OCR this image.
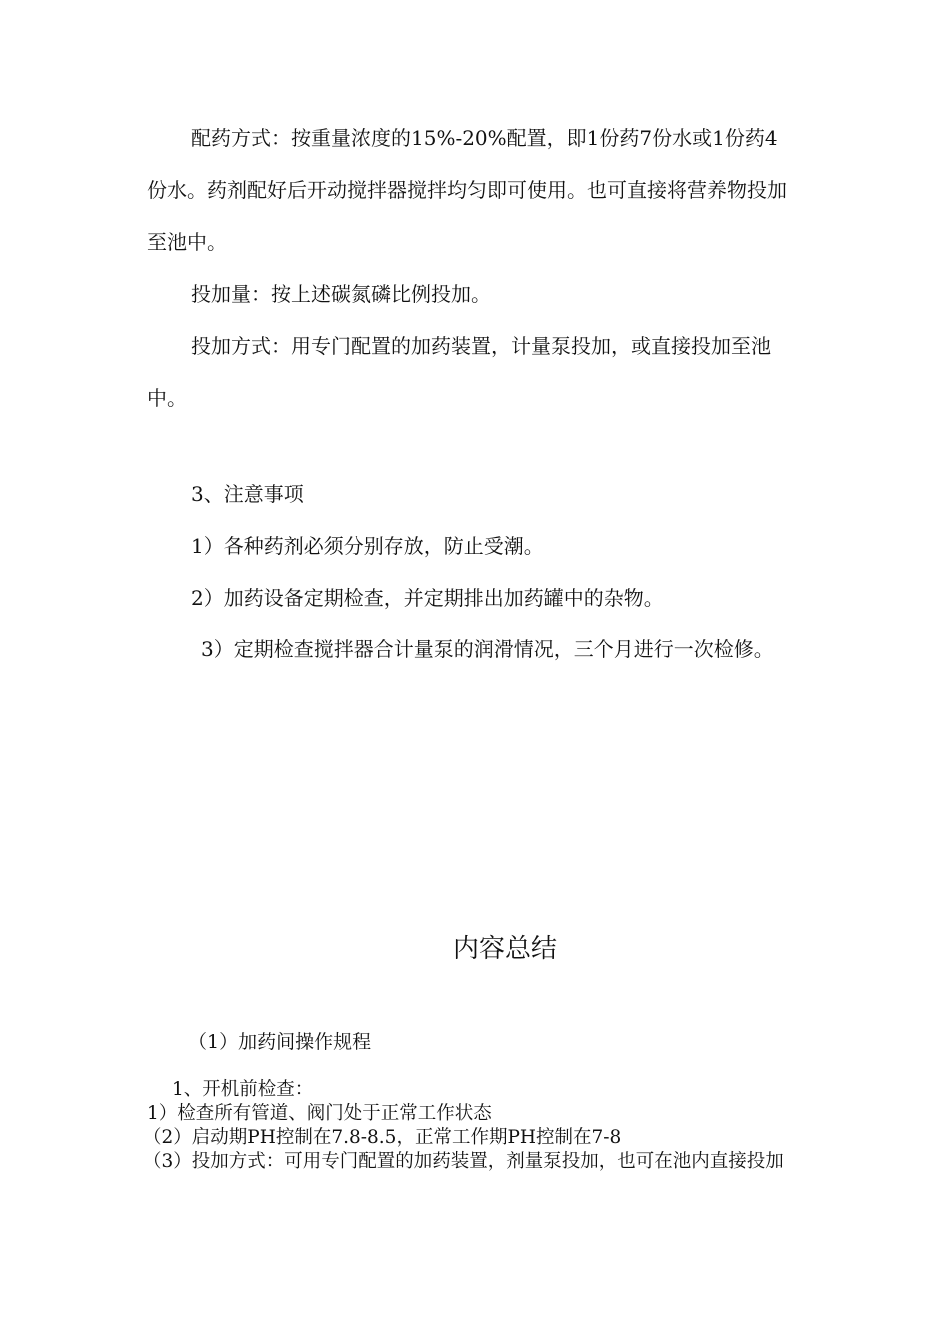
配药方式：按重量浓度的15%-20%配置，即1份药7份水或1份药4份水。药剂配好后开动搅拌器搅拌均匀即可使用。也可直接将营养物投加至池中。

投加量：按上述碳氮磷比例投加。

投加方式：用专门配置的加药装置，计量泵投加，或直接投加至池中。

3、注意事项

1）各种药剂必须分别存放，防止受潮。

2）加药设备定期检查，并定期排出加药罐中的杂物。

3）定期检查搅拌器合计量泵的润滑情况，三个月进行一次检修。

内容总结

（1）加药间操作规程

1、开机前检查：

1）检查所有管道、阀门处于正常工作状态

（2）启动期PH控制在7.8-8.5，正常工作期PH控制在7-8

（3）投加方式：可用专门配置的加药装置，剂量泵投加，也可在池内直接投加
